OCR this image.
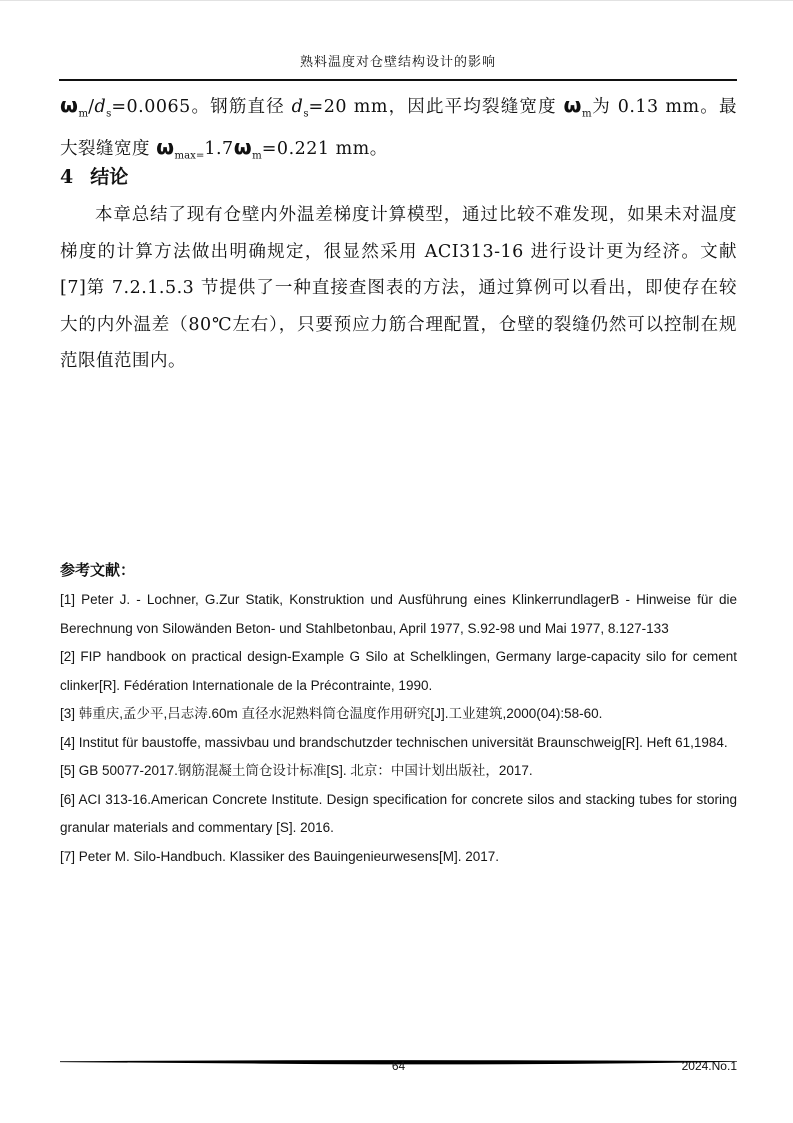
熟料温度对仓壁结构设计的影响
$\omega_m/d_s=0.0065$。钢筋直径 $d_s=20$ mm，因此平均裂缝宽度 $\omega_m$为 0.13 mm。最大裂缝宽度 $\omega_{max=}1.7\omega_m=0.221$ mm。
4 结论
本章总结了现有仓壁内外温差梯度计算模型，通过比较不难发现，如果未对温度梯度的计算方法做出明确规定，很显然采用 ACI313-16 进行设计更为经济。文献[7]第 7.2.1.5.3 节提供了一种直接查图表的方法，通过算例可以看出，即使存在较大的内外温差（80℃左右），只要预应力筋合理配置，仓壁的裂缝仍然可以控制在规范限值范围内。
参考文献：
[1] Peter J. - Lochner, G.Zur Statik, Konstruktion und Ausführung eines KlinkerrundlagerB - Hinweise für die Berechnung von Silowänden Beton- und Stahlbetonbau, April 1977, S.92-98 und Mai 1977, 8.127-133
[2] FIP handbook on practical design-Example G Silo at Schelklingen, Germany large-capacity silo for cement clinker[R]. Fédération Internationale de la Précontrainte, 1990.
[3] 韩重庆,孟少平,吕志涛.60m 直径水泥熟料筒仓温度作用研究[J].工业建筑,2000(04):58-60.
[4] Institut für baustoffe, massivbau und brandschutzder technischen universität Braunschweig[R]. Heft 61,1984.
[5] GB 50077-2017.钢筋混凝土筒仓设计标准[S]. 北京：中国计划出版社，2017.
[6] ACI 313-16.American Concrete Institute. Design specification for concrete silos and stacking tubes for storing granular materials and commentary [S]. 2016.
[7] Peter M. Silo-Handbuch. Klassiker des Bauingenieurwesens[M]. 2017.
64	2024.No.1
